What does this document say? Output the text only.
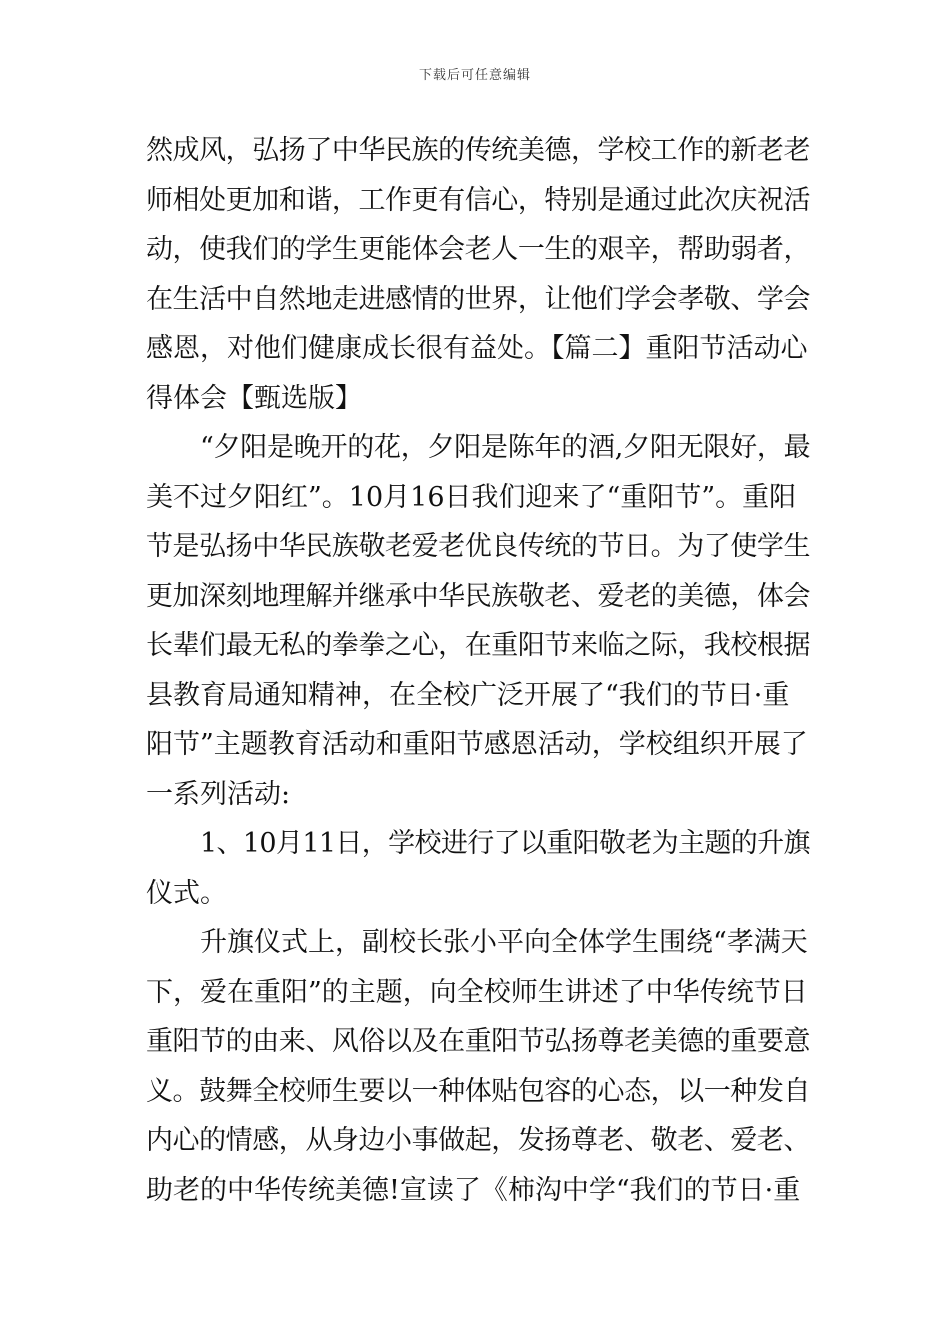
下载后可任意编辑
然成风，弘扬了中华民族的传统美德，学校工作的新老老
师相处更加和谐，工作更有信心，特别是通过此次庆祝活
动，使我们的学生更能体会老人一生的艰辛，帮助弱者，
在生活中自然地走进感情的世界，让他们学会孝敬、学会
感恩，对他们健康成长很有益处。【篇二】重阳节活动心
得体会【甄选版】
“夕阳是晚开的花，夕阳是陈年的酒,夕阳无限好，最
美不过夕阳红”。10月16日我们迎来了“重阳节”。重阳
节是弘扬中华民族敬老爱老优良传统的节日。为了使学生
更加深刻地理解并继承中华民族敬老、爱老的美德，体会
长辈们最无私的拳拳之心，在重阳节来临之际，我校根据
县教育局通知精神，在全校广泛开展了“我们的节日·重
阳节”主题教育活动和重阳节感恩活动，学校组织开展了
一系列活动:
1、10月11日，学校进行了以重阳敬老为主题的升旗
仪式。
升旗仪式上，副校长张小平向全体学生围绕“孝满天
下，爱在重阳”的主题，向全校师生讲述了中华传统节日
重阳节的由来、风俗以及在重阳节弘扬尊老美德的重要意
义。鼓舞全校师生要以一种体贴包容的心态，以一种发自
内心的情感，从身边小事做起，发扬尊老、敬老、爱老、
助老的中华传统美德!宣读了《柿沟中学“我们的节日·重
